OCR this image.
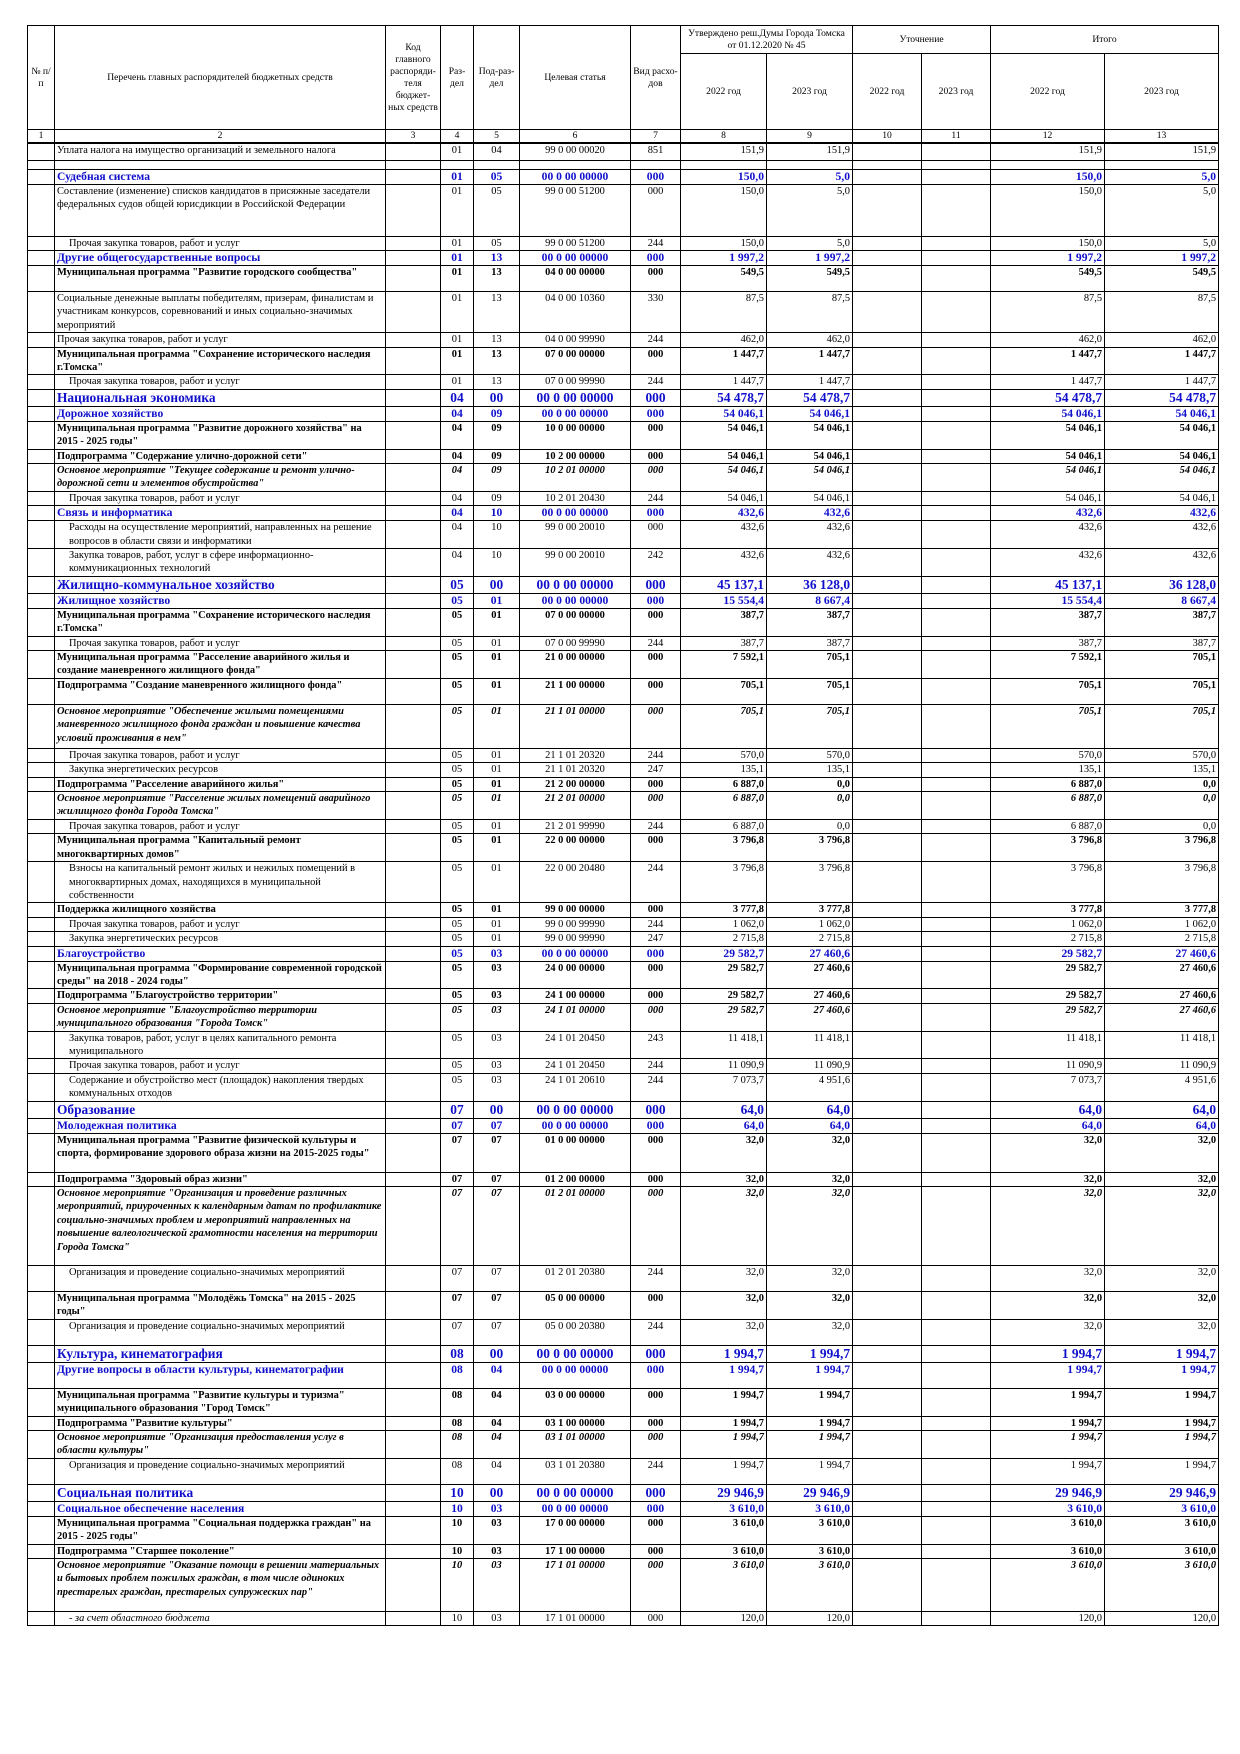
№ п/п	Перечень главных распорядителей бюджетных средств	Код главного распоряди-теля бюджет-ных средств	Раз-дел	Под-раз-дел	Целевая статья	Вид расхо-дов	Утверждено реш.Думы Города Томска от 01.12.2020 № 45		Уточнение		Итого	
							2022 год	2023 год	2022 год	2023 год	2022 год	2023 год
1	2	3	4	5	6	7	8	9	10	11	12	13
	Уплата налога на имущество организаций и земельного налога		01	04	99 0 00 00020	851	151,9	151,9			151,9	151,9

	Судебная система		01	05	00 0 00 00000	000	150,0	5,0			150,0	5,0
	Составление (изменение) списков кандидатов в присяжные заседатели федеральных судов общей юрисдикции в Российской Федерации		01	05	99 0 00 51200	000	150,0	5,0			150,0	5,0
	Прочая закупка товаров, работ и услуг		01	05	99 0 00 51200	244	150,0	5,0			150,0	5,0
	Другие общегосударственные вопросы		01	13	00 0 00 00000	000	1 997,2	1 997,2			1 997,2	1 997,2
	Муниципальная программа "Развитие городского сообщества"		01	13	04 0 00 00000	000	549,5	549,5			549,5	549,5
	Социальные денежные выплаты победителям, призерам, финалистам и участникам конкурсов, соревнований и иных социально-значимых мероприятий		01	13	04 0 00 10360	330	87,5	87,5			87,5	87,5
	Прочая закупка товаров, работ и услуг		01	13	04 0 00 99990	244	462,0	462,0			462,0	462,0
	Муниципальная программа "Сохранение исторического наследия г.Томска"		01	13	07 0 00 00000	000	1 447,7	1 447,7			1 447,7	1 447,7
	Прочая закупка товаров, работ и услуг		01	13	07 0 00 99990	244	1 447,7	1 447,7			1 447,7	1 447,7
	Национальная экономика		04	00	00 0 00 00000	000	54 478,7	54 478,7			54 478,7	54 478,7
	Дорожное хозяйство		04	09	00 0 00 00000	000	54 046,1	54 046,1			54 046,1	54 046,1
	Муниципальная программа "Развитие дорожного хозяйства" на 2015 - 2025 годы"		04	09	10 0 00 00000	000	54 046,1	54 046,1			54 046,1	54 046,1
	Подпрограмма "Содержание улично-дорожной сети"		04	09	10 2 00 00000	000	54 046,1	54 046,1			54 046,1	54 046,1
	Основное мероприятие "Текущее содержание и ремонт улично-дорожной сети и элементов обустройства"		04	09	10 2 01 00000	000	54 046,1	54 046,1			54 046,1	54 046,1
	Прочая закупка товаров, работ и услуг		04	09	10 2 01 20430	244	54 046,1	54 046,1			54 046,1	54 046,1
	Связь и информатика		04	10	00 0 00 00000	000	432,6	432,6			432,6	432,6
	Расходы на осуществление мероприятий, направленных на решение вопросов в области связи и информатики		04	10	99 0 00 20010	000	432,6	432,6			432,6	432,6
	Закупка товаров, работ, услуг в сфере информационно-коммуникационных технологий		04	10	99 0 00 20010	242	432,6	432,6			432,6	432,6
	Жилищно-коммунальное хозяйство		05	00	00 0 00 00000	000	45 137,1	36 128,0			45 137,1	36 128,0
	Жилищное хозяйство		05	01	00 0 00 00000	000	15 554,4	8 667,4			15 554,4	8 667,4
	Муниципальная программа "Сохранение исторического наследия г.Томска"		05	01	07 0 00 00000	000	387,7	387,7			387,7	387,7
	Прочая закупка товаров, работ и услуг		05	01	07 0 00 99990	244	387,7	387,7			387,7	387,7
	Муниципальная программа "Расселение аварийного жилья и создание маневренного жилищного фонда"		05	01	21 0 00 00000	000	7 592,1	705,1			7 592,1	705,1
	Подпрограмма "Создание маневренного жилищного фонда"		05	01	21 1 00 00000	000	705,1	705,1			705,1	705,1
	Основное мероприятие "Обеспечение жилыми помещениями маневренного жилищного фонда граждан и повышение качества условий проживания в нем"		05	01	21 1 01 00000	000	705,1	705,1			705,1	705,1
	Прочая закупка товаров, работ и услуг		05	01	21 1 01 20320	244	570,0	570,0			570,0	570,0
	Закупка энергетических ресурсов		05	01	21 1 01 20320	247	135,1	135,1			135,1	135,1
	Подпрограмма "Расселение аварийного жилья"		05	01	21 2 00 00000	000	6 887,0	0,0			6 887,0	0,0
	Основное мероприятие "Расселение жилых помещений аварийного жилищного фонда Города Томска"		05	01	21 2 01 00000	000	6 887,0	0,0			6 887,0	0,0
	Прочая закупка товаров, работ и услуг		05	01	21 2 01 99990	244	6 887,0	0,0			6 887,0	0,0
	Муниципальная программа "Капитальный ремонт многоквартирных домов"		05	01	22 0 00 00000	000	3 796,8	3 796,8			3 796,8	3 796,8
	Взносы на капитальный ремонт жилых и нежилых помещений в многоквартирных домах, находящихся в муниципальной собственности		05	01	22 0 00 20480	244	3 796,8	3 796,8			3 796,8	3 796,8
	Поддержка жилищного хозяйства		05	01	99 0 00 00000	000	3 777,8	3 777,8			3 777,8	3 777,8
	Прочая закупка товаров, работ и услуг		05	01	99 0 00 99990	244	1 062,0	1 062,0			1 062,0	1 062,0
	Закупка энергетических ресурсов		05	01	99 0 00 99990	247	2 715,8	2 715,8			2 715,8	2 715,8
	Благоустройство		05	03	00 0 00 00000	000	29 582,7	27 460,6			29 582,7	27 460,6
	Муниципальная программа "Формирование современной городской среды" на 2018 - 2024 годы"		05	03	24 0 00 00000	000	29 582,7	27 460,6			29 582,7	27 460,6
	Подпрограмма "Благоустройство территории"		05	03	24 1 00 00000	000	29 582,7	27 460,6			29 582,7	27 460,6
	Основное мероприятие "Благоустройство территории муниципального образования "Города Томск"		05	03	24 1 01 00000	000	29 582,7	27 460,6			29 582,7	27 460,6
	Закупка товаров, работ, услуг в целях капитального ремонта муниципального		05	03	24 1 01 20450	243	11 418,1	11 418,1			11 418,1	11 418,1
	Прочая закупка товаров, работ и услуг		05	03	24 1 01 20450	244	11 090,9	11 090,9			11 090,9	11 090,9
	Содержание и обустройство мест (площадок) накопления твердых коммунальных отходов		05	03	24 1 01 20610	244	7 073,7	4 951,6			7 073,7	4 951,6
	Образование		07	00	00 0 00 00000	000	64,0	64,0			64,0	64,0
	Молодежная политика		07	07	00 0 00 00000	000	64,0	64,0			64,0	64,0
	Муниципальная программа "Развитие физической культуры и спорта, формирование здорового образа жизни на 2015-2025 годы"		07	07	01 0 00 00000	000	32,0	32,0			32,0	32,0
	Подпрограмма "Здоровый образ жизни"		07	07	01 2 00 00000	000	32,0	32,0			32,0	32,0
	Основное мероприятие "Организация и проведение различных мероприятий, приуроченных к календарным датам по профилактике социально-значимых проблем и мероприятий направленных на повышение валеологической грамотности населения на территории Города Томска"		07	07	01 2 01 00000	000	32,0	32,0			32,0	32,0
	Организация и проведение социально-значимых мероприятий		07	07	01 2 01 20380	244	32,0	32,0			32,0	32,0
	Муниципальная программа "Молодёжь Томска" на 2015 - 2025 годы"		07	07	05 0 00 00000	000	32,0	32,0			32,0	32,0
	Организация и проведение социально-значимых мероприятий		07	07	05 0 00 20380	244	32,0	32,0			32,0	32,0
	Культура, кинематография		08	00	00 0 00 00000	000	1 994,7	1 994,7			1 994,7	1 994,7
	Другие вопросы в области культуры, кинематографии		08	04	00 0 00 00000	000	1 994,7	1 994,7			1 994,7	1 994,7
	Муниципальная программа "Развитие культуры и туризма" муниципального образования "Город Томск"		08	04	03 0 00 00000	000	1 994,7	1 994,7			1 994,7	1 994,7
	Подпрограмма "Развитие культуры"		08	04	03 1 00 00000	000	1 994,7	1 994,7			1 994,7	1 994,7
	Основное мероприятие "Организация предоставления услуг в области культуры"		08	04	03 1 01 00000	000	1 994,7	1 994,7			1 994,7	1 994,7
	Организация и проведение социально-значимых мероприятий		08	04	03 1 01 20380	244	1 994,7	1 994,7			1 994,7	1 994,7
	Социальная политика		10	00	00 0 00 00000	000	29 946,9	29 946,9			29 946,9	29 946,9
	Социальное обеспечение населения		10	03	00 0 00 00000	000	3 610,0	3 610,0			3 610,0	3 610,0
	Муниципальная программа "Социальная поддержка граждан" на 2015 - 2025 годы"		10	03	17 0 00 00000	000	3 610,0	3 610,0			3 610,0	3 610,0
	Подпрограмма "Старшее поколение"		10	03	17 1 00 00000	000	3 610,0	3 610,0			3 610,0	3 610,0
	Основное мероприятие "Оказание помощи в решении материальных и бытовых проблем пожилых граждан, в том числе одиноких престарелых граждан, престарелых супружеских пар"		10	03	17 1 01 00000	000	3 610,0	3 610,0			3 610,0	3 610,0
	- за счет областного бюджета		10	03	17 1 01 00000	000	120,0	120,0			120,0	120,0
